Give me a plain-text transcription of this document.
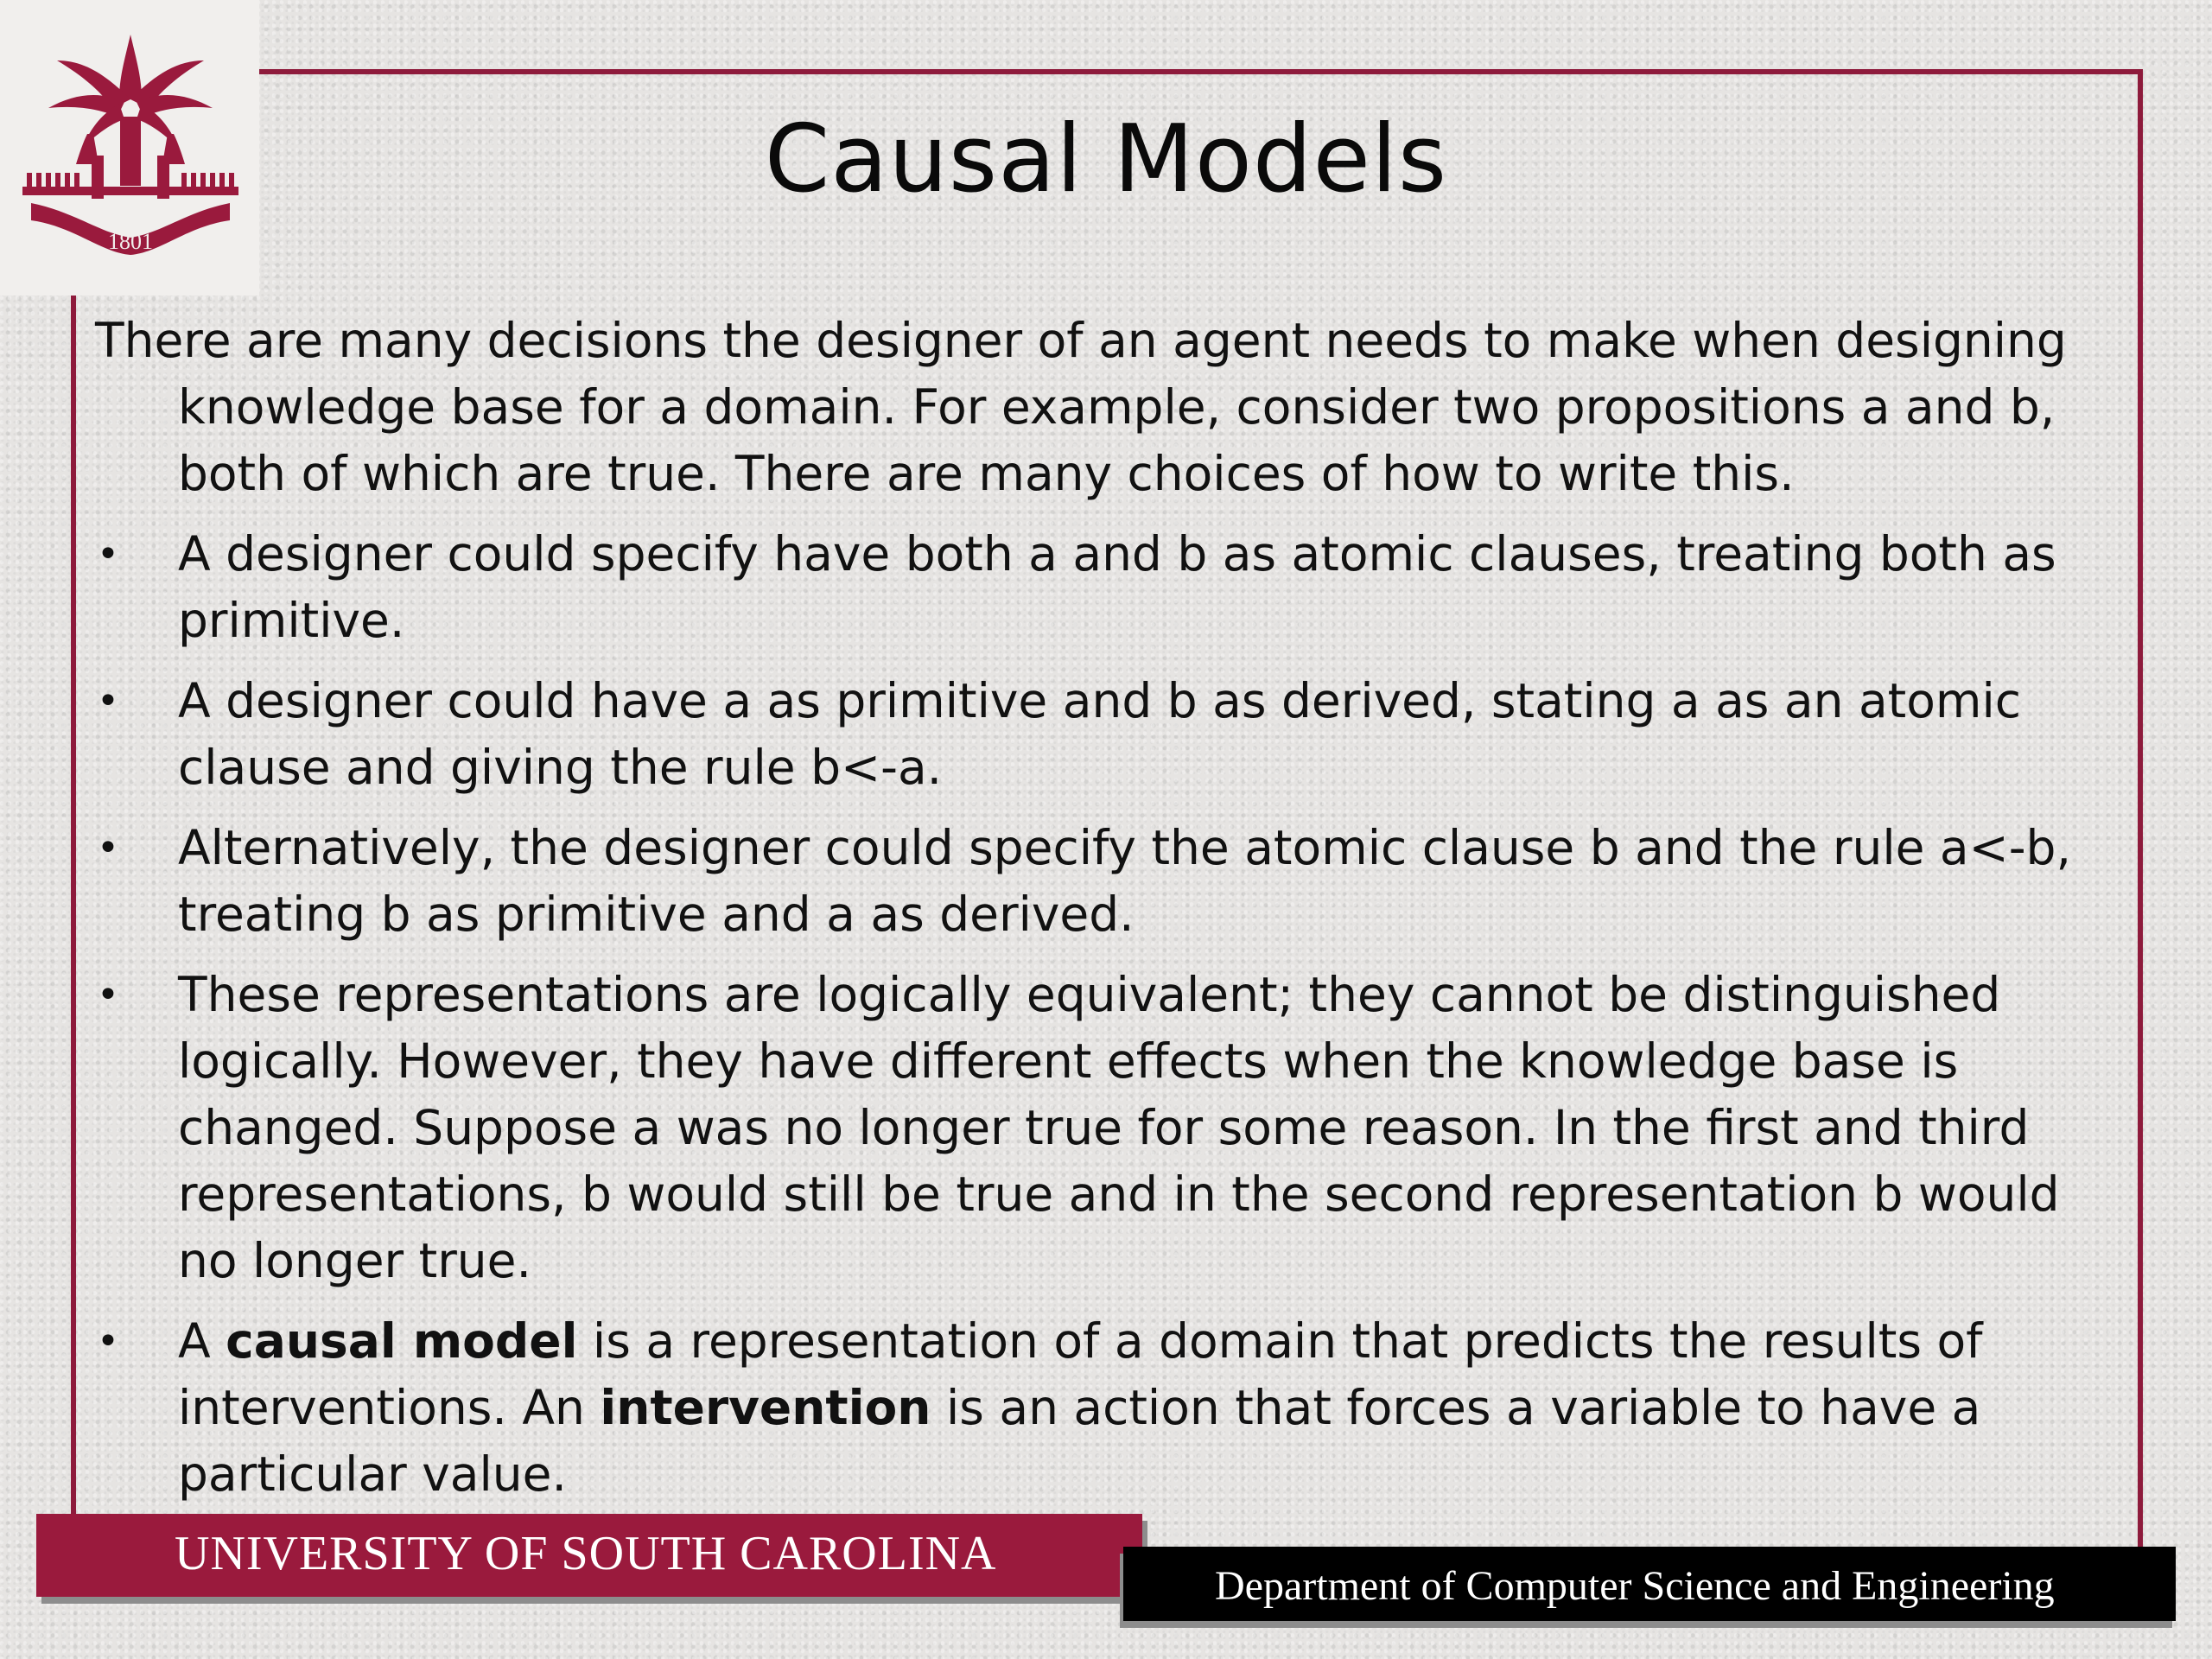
1801
Causal Models

There are many decisions the designer of an agent needs to make when designing knowledge base for a domain. For example, consider two propositions a and b, both of which are true. There are many choices of how to write this.

• A designer could specify have both a and b as atomic clauses, treating both as primitive.
• A designer could have a as primitive and b as derived, stating a as an atomic clause and giving the rule b<-a.
• Alternatively, the designer could specify the atomic clause b and the rule a<-b, treating b as primitive and a as derived.
• These representations are logically equivalent; they cannot be distinguished logically. However, they have different effects when the knowledge base is changed. Suppose a was no longer true for some reason. In the first and third representations, b would still be true and in the second representation b would no longer true.
• A causal model is a representation of a domain that predicts the results of interventions. An intervention is an action that forces a variable to have a particular value.
UNIVERSITY OF SOUTH CAROLINA
Department of Computer Science and Engineering
